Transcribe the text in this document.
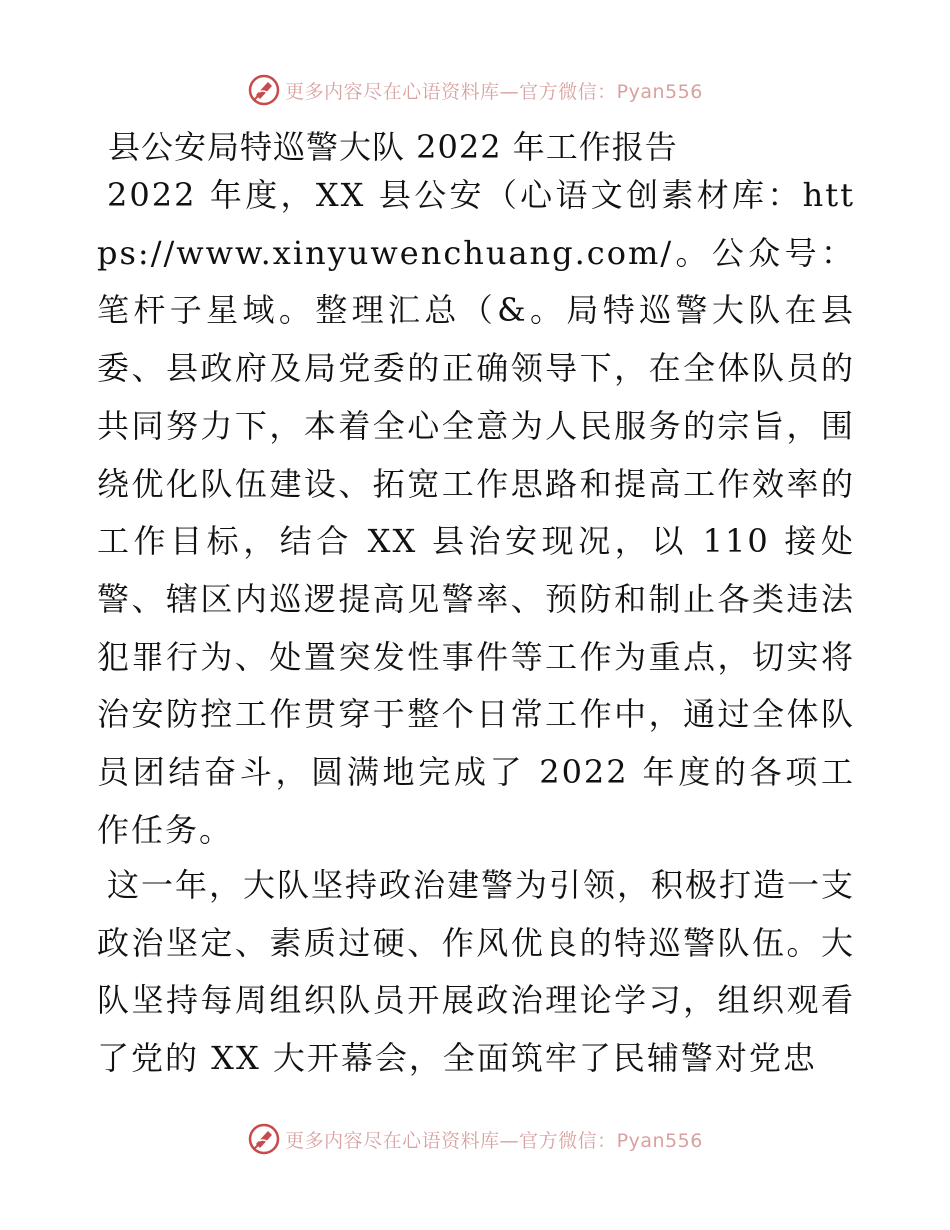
更多内容尽在心语资料库—官方微信：Pyan556
县公安局特巡警大队 2022 年工作报告
2022 年度，XX 县公安（心语文创素材库：https://www.xinyuwenchuang.com/。公众号：笔杆子星域。整理汇总（&。局特巡警大队在县委、县政府及局党委的正确领导下，在全体队员的共同努力下，本着全心全意为人民服务的宗旨，围绕优化队伍建设、拓宽工作思路和提高工作效率的工作目标，结合 XX 县治安现况，以 110 接处警、辖区内巡逻提高见警率、预防和制止各类违法犯罪行为、处置突发性事件等工作为重点，切实将治安防控工作贯穿于整个日常工作中，通过全体队员团结奋斗，圆满地完成了 2022 年度的各项工作任务。
这一年，大队坚持政治建警为引领，积极打造一支政治坚定、素质过硬、作风优良的特巡警队伍。大队坚持每周组织队员开展政治理论学习，组织观看了党的 XX 大开幕会，全面筑牢了民辅警对党忠
更多内容尽在心语资料库—官方微信：Pyan556
